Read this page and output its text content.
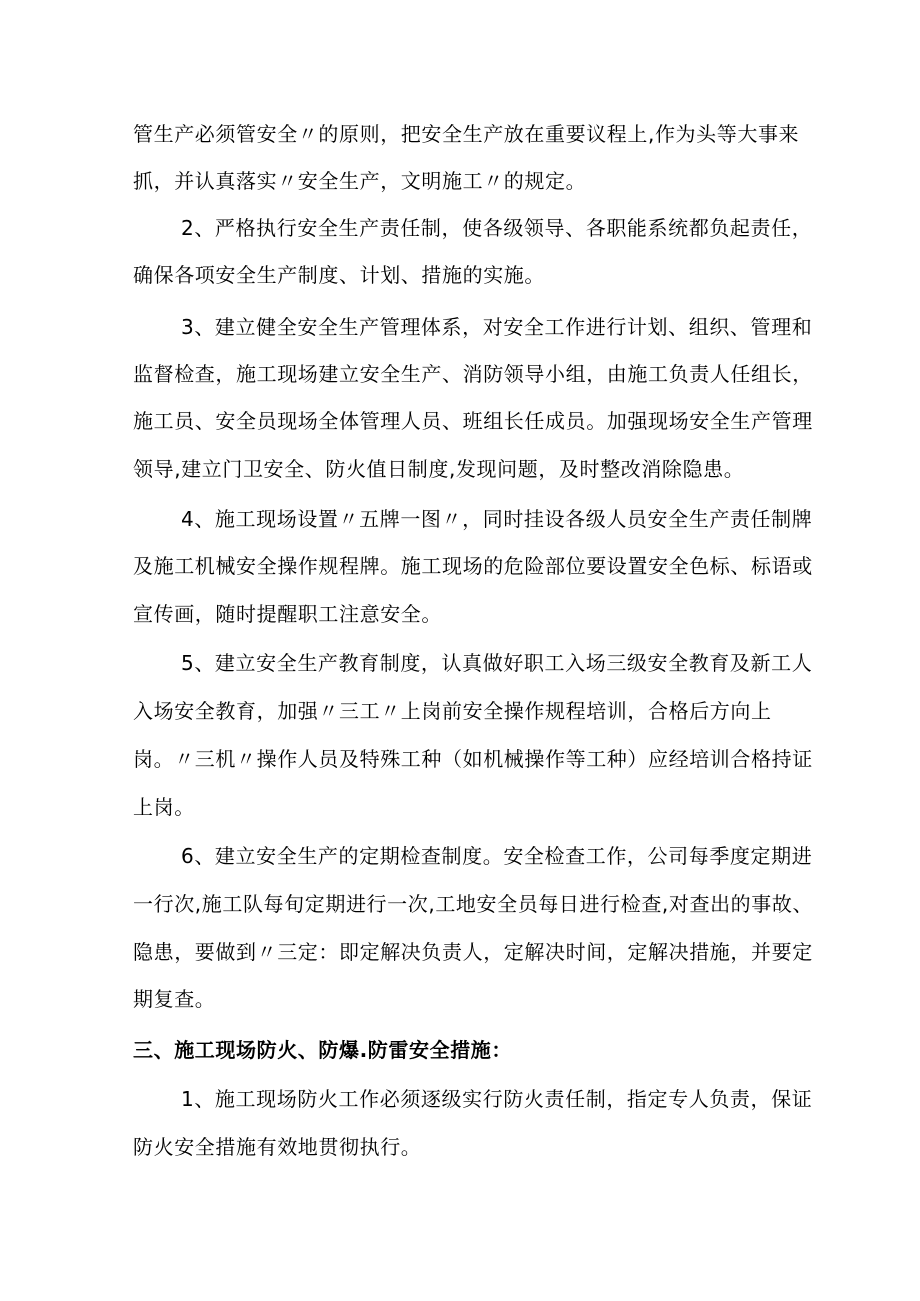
管生产必须管安全〃的原则，把安全生产放在重要议程上,作为头等大事来

抓，并认真落实〃安全生产，文明施工〃的规定。

2、严格执行安全生产责任制，使各级领导、各职能系统都负起责任，

确保各项安全生产制度、计划、措施的实施。

3、建立健全安全生产管理体系，对安全工作进行计划、组织、管理和

监督检查，施工现场建立安全生产、消防领导小组，由施工负责人任组长，

施工员、安全员现场全体管理人员、班组长任成员。加强现场安全生产管理

领导,建立门卫安全、防火值日制度,发现问题，及时整改消除隐患。

4、施工现场设置〃五牌一图〃，同时挂设各级人员安全生产责任制牌

及施工机械安全操作规程牌。施工现场的危险部位要设置安全色标、标语或

宣传画，随时提醒职工注意安全。

5、建立安全生产教育制度，认真做好职工入场三级安全教育及新工人

入场安全教育，加强〃三工〃上岗前安全操作规程培训，合格后方向上

岗。〃三机〃操作人员及特殊工种（如机械操作等工种）应经培训合格持证

上岗。

6、建立安全生产的定期检查制度。安全检查工作，公司每季度定期进

一行次,施工队每旬定期进行一次,工地安全员每日进行检查,对查出的事故、

隐患，要做到〃三定：即定解决负责人，定解决时间，定解决措施，并要定

期复查。

三、施工现场防火、防爆.防雷安全措施：

1、施工现场防火工作必须逐级实行防火责任制，指定专人负责，保证

防火安全措施有效地贯彻执行。
